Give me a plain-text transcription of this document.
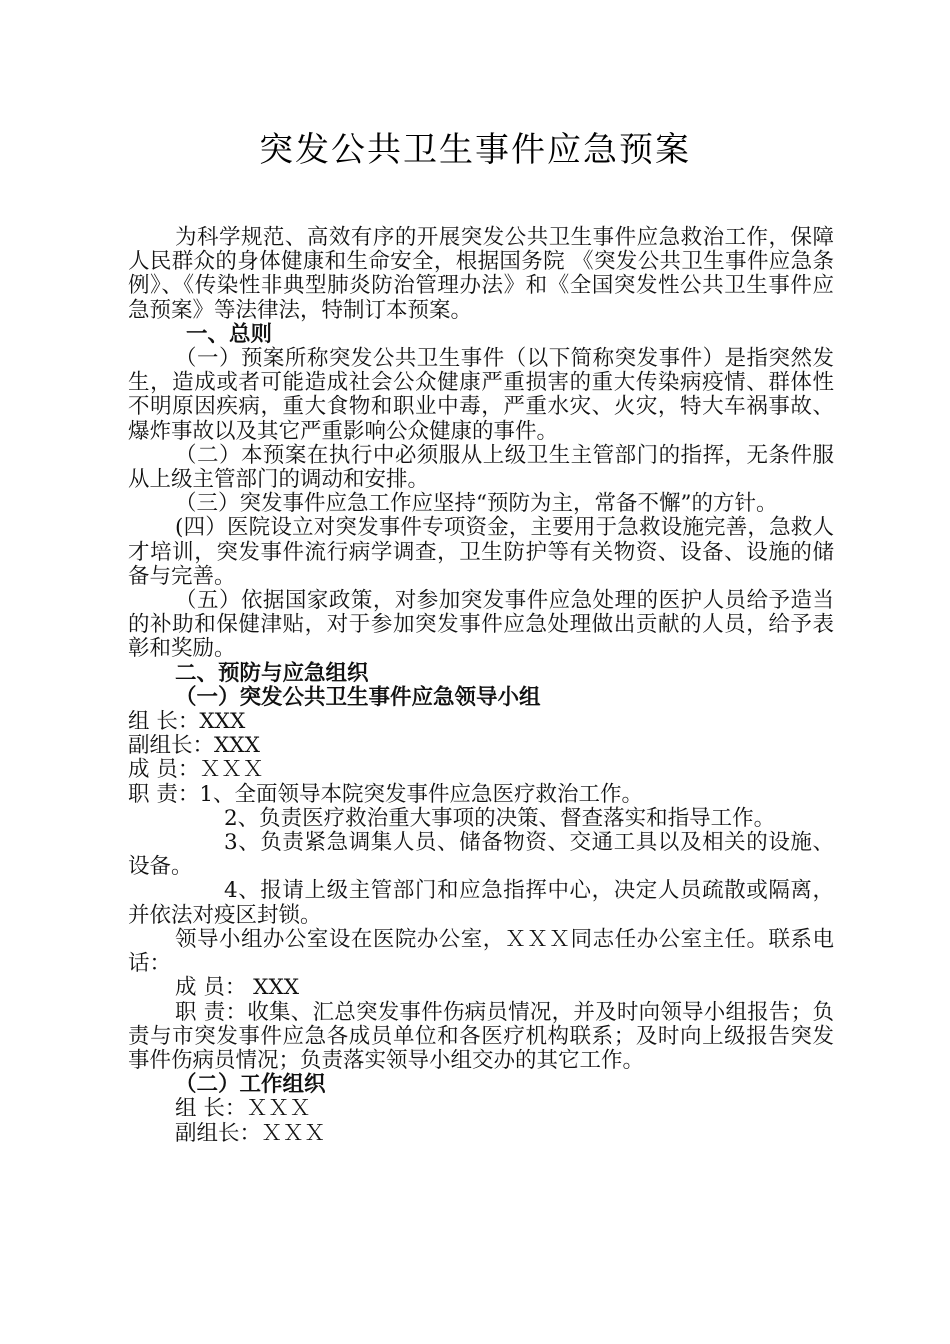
突发公共卫生事件应急预案

为科学规范、高效有序的开展突发公共卫生事件应急救治工作，保障人民群众的身体健康和生命安全，根据国务院 《突发公共卫生事件应急条例》、《传染性非典型肺炎防治管理办法》和《全国突发性公共卫生事件应急预案》等法律法，特制订本预案。

一、总则

（一）预案所称突发公共卫生事件（以下简称突发事件）是指突然发生，造成或者可能造成社会公众健康严重损害的重大传染病疫情、群体性不明原因疾病，重大食物和职业中毒，严重水灾、火灾，特大车祸事故、爆炸事故以及其它严重影响公众健康的事件。

（二）本预案在执行中必须服从上级卫生主管部门的指挥，无条件服从上级主管部门的调动和安排。

（三）突发事件应急工作应坚持“预防为主，常备不懈”的方针。

(四）医院设立对突发事件专项资金，主要用于急救设施完善，急救人才培训，突发事件流行病学调查，卫生防护等有关物资、设备、设施的储备与完善。

（五）依据国家政策，对参加突发事件应急处理的医护人员给予造当的补助和保健津贴，对于参加突发事件应急处理做出贡献的人员，给予表彰和奖励。

二、预防与应急组织

（一）突发公共卫生事件应急领导小组

组 长：XXX

副组长：XXX

成 员：ＸＸＸ

职 责：1、全面领导本院突发事件应急医疗救治工作。

2、负责医疗救治重大事项的决策、督查落实和指导工作。

3、负责紧急调集人员、储备物资、交通工具以及相关的设施、设备。

4、报请上级主管部门和应急指挥中心，决定人员疏散或隔离，并依法对疫区封锁。

领导小组办公室设在医院办公室，ＸＸＸ同志任办公室主任。联系电话：

成 员： XXX

职 责：收集、汇总突发事件伤病员情况，并及时向领导小组报告；负责与市突发事件应急各成员单位和各医疗机构联系；及时向上级报告突发事件伤病员情况；负责落实领导小组交办的其它工作。

（二）工作组织

组 长：ＸＸＸ

副组长：ＸＸＸ
